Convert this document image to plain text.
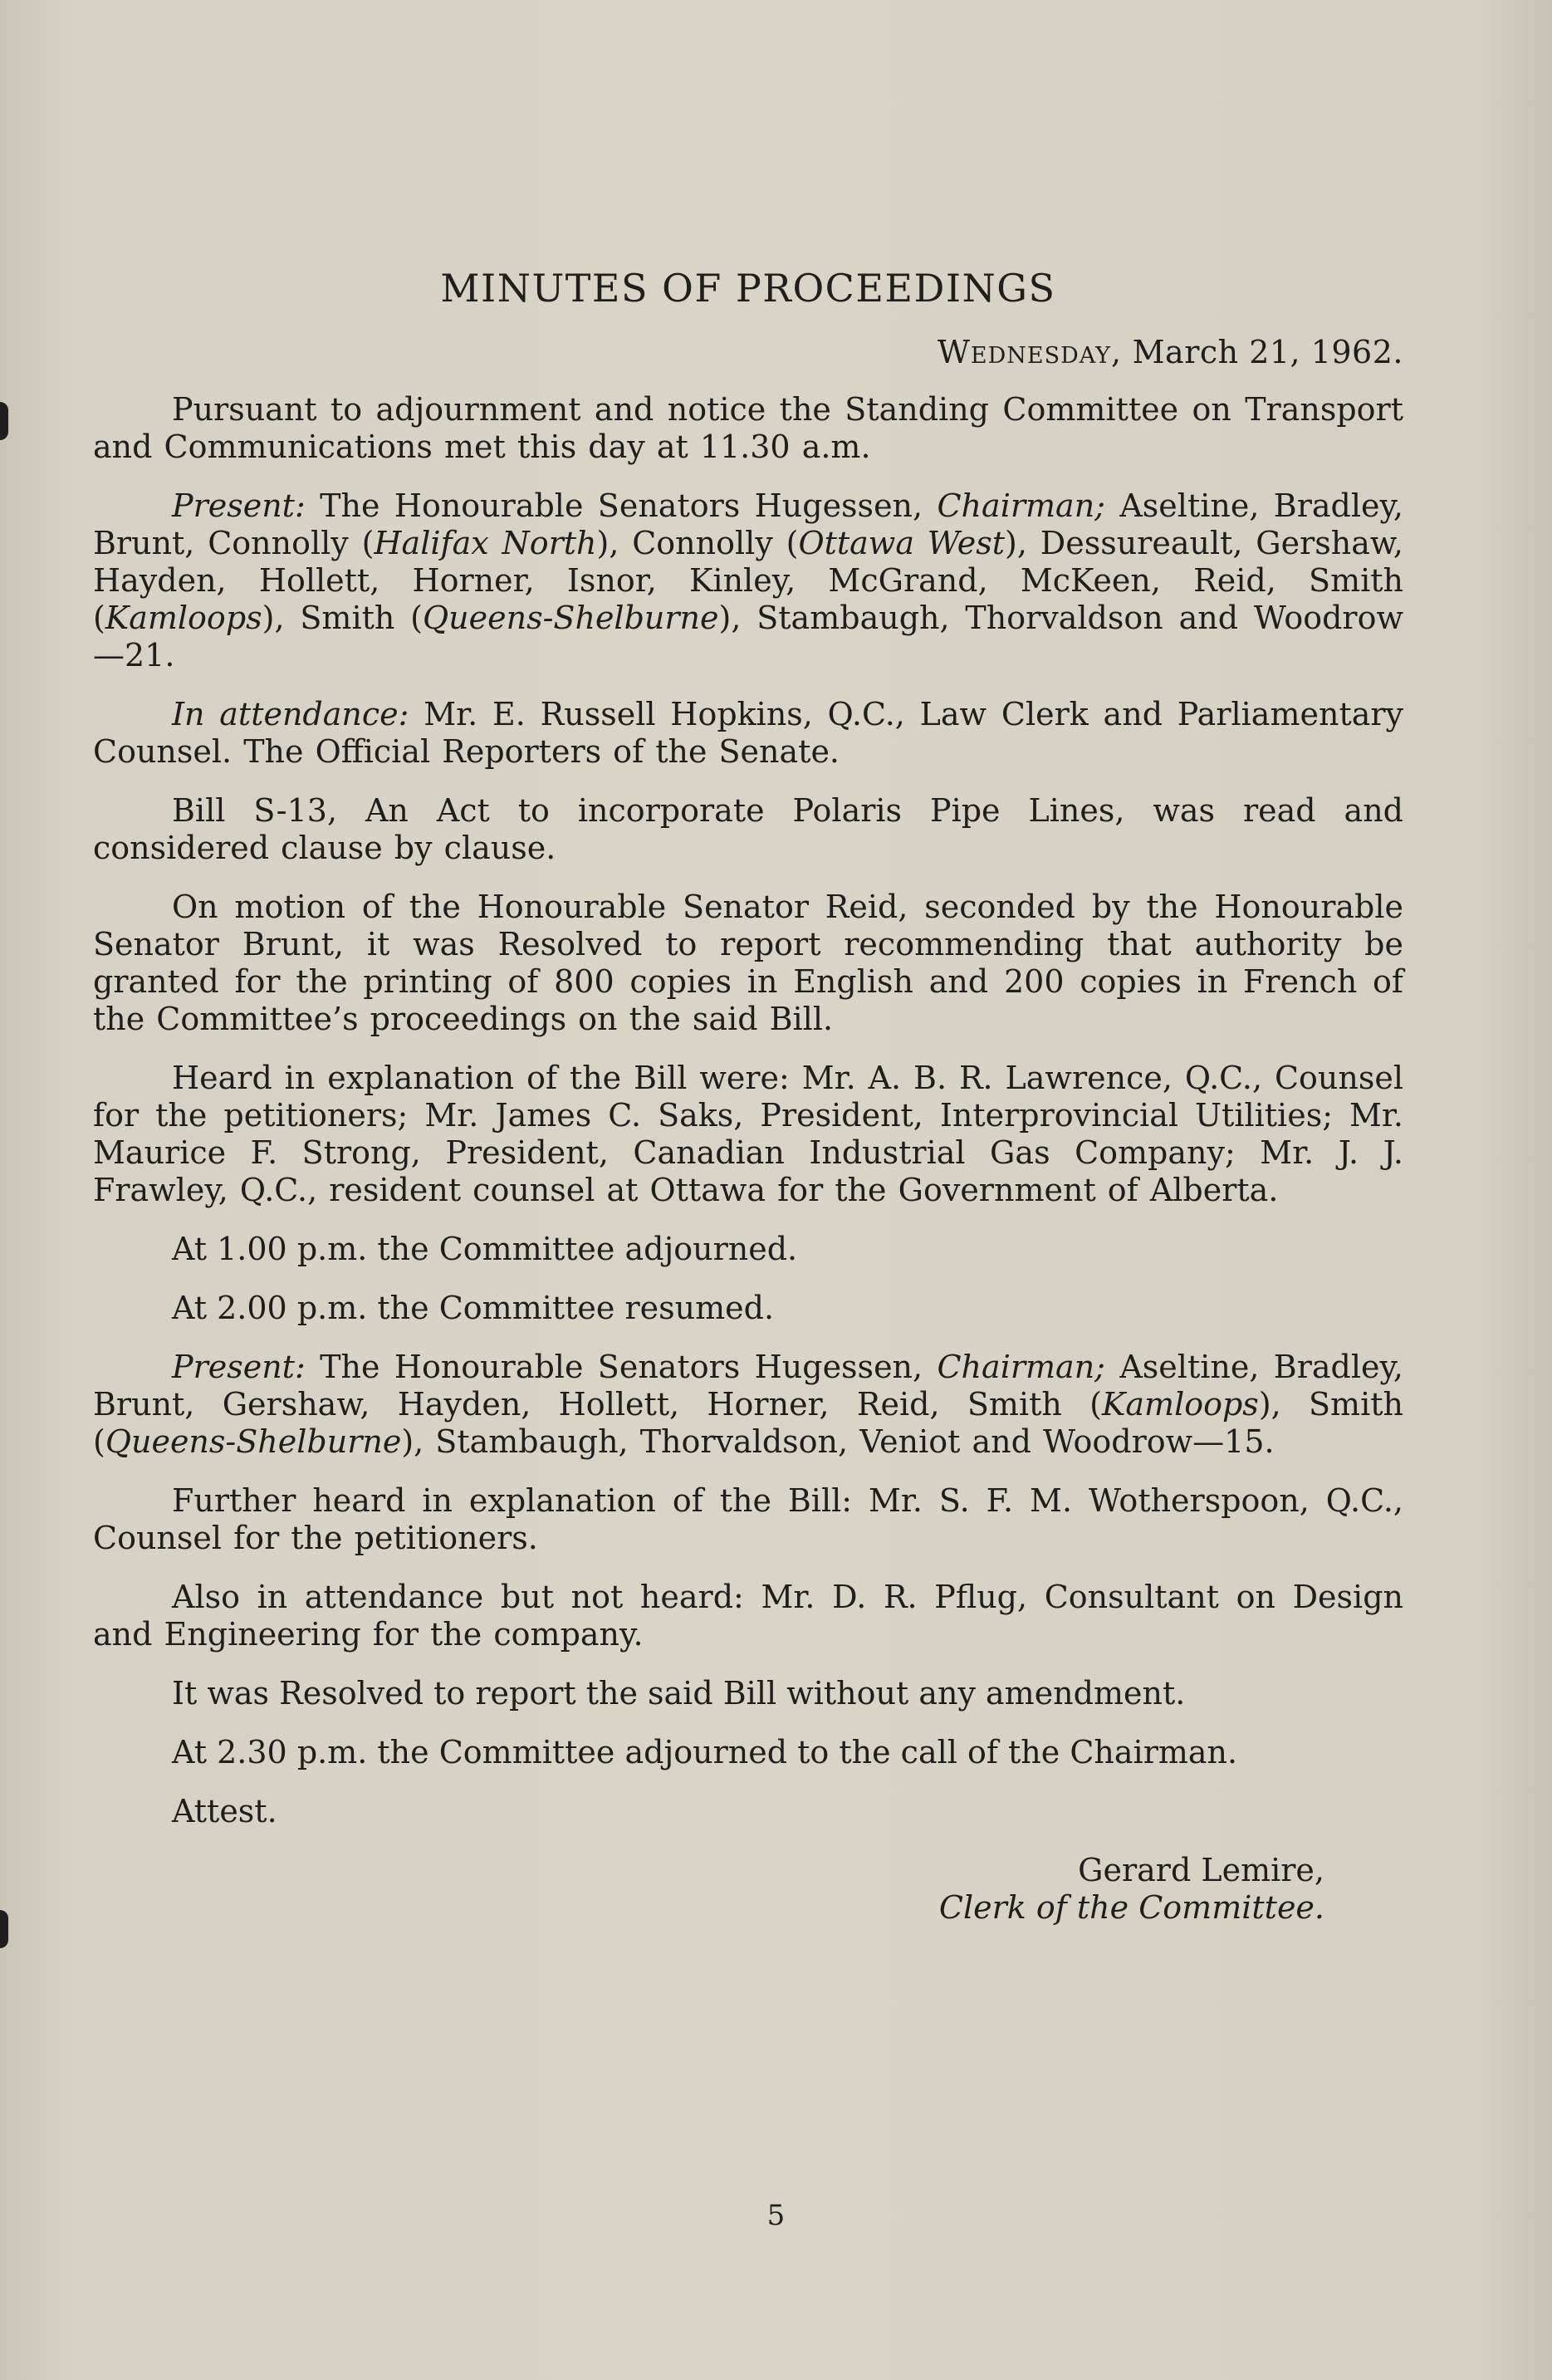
MINUTES OF PROCEEDINGS
Wednesday, March 21, 1962.

Pursuant to adjournment and notice the Standing Committee on Transport and Communications met this day at 11.30 a.m.

Present: The Honourable Senators Hugessen, Chairman; Aseltine, Bradley, Brunt, Connolly (Halifax North), Connolly (Ottawa West), Dessureault, Gershaw, Hayden, Hollett, Horner, Isnor, Kinley, McGrand, McKeen, Reid, Smith (Kamloops), Smith (Queens-Shelburne), Stambaugh, Thorvaldson and Woodrow—21.

In attendance: Mr. E. Russell Hopkins, Q.C., Law Clerk and Parliamentary Counsel. The Official Reporters of the Senate.

Bill S-13, An Act to incorporate Polaris Pipe Lines, was read and considered clause by clause.

On motion of the Honourable Senator Reid, seconded by the Honourable Senator Brunt, it was Resolved to report recommending that authority be granted for the printing of 800 copies in English and 200 copies in French of the Committee’s proceedings on the said Bill.

Heard in explanation of the Bill were: Mr. A. B. R. Lawrence, Q.C., Counsel for the petitioners; Mr. James C. Saks, President, Interprovincial Utilities; Mr. Maurice F. Strong, President, Canadian Industrial Gas Company; Mr. J. J. Frawley, Q.C., resident counsel at Ottawa for the Government of Alberta.

At 1.00 p.m. the Committee adjourned.

At 2.00 p.m. the Committee resumed.

Present: The Honourable Senators Hugessen, Chairman; Aseltine, Bradley, Brunt, Gershaw, Hayden, Hollett, Horner, Reid, Smith (Kamloops), Smith (Queens-Shelburne), Stambaugh, Thorvaldson, Veniot and Woodrow—15.

Further heard in explanation of the Bill: Mr. S. F. M. Wotherspoon, Q.C., Counsel for the petitioners.

Also in attendance but not heard: Mr. D. R. Pflug, Consultant on Design and Engineering for the company.

It was Resolved to report the said Bill without any amendment.

At 2.30 p.m. the Committee adjourned to the call of the Chairman.

Attest.

Gerard Lemire,
Clerk of the Committee.
5
